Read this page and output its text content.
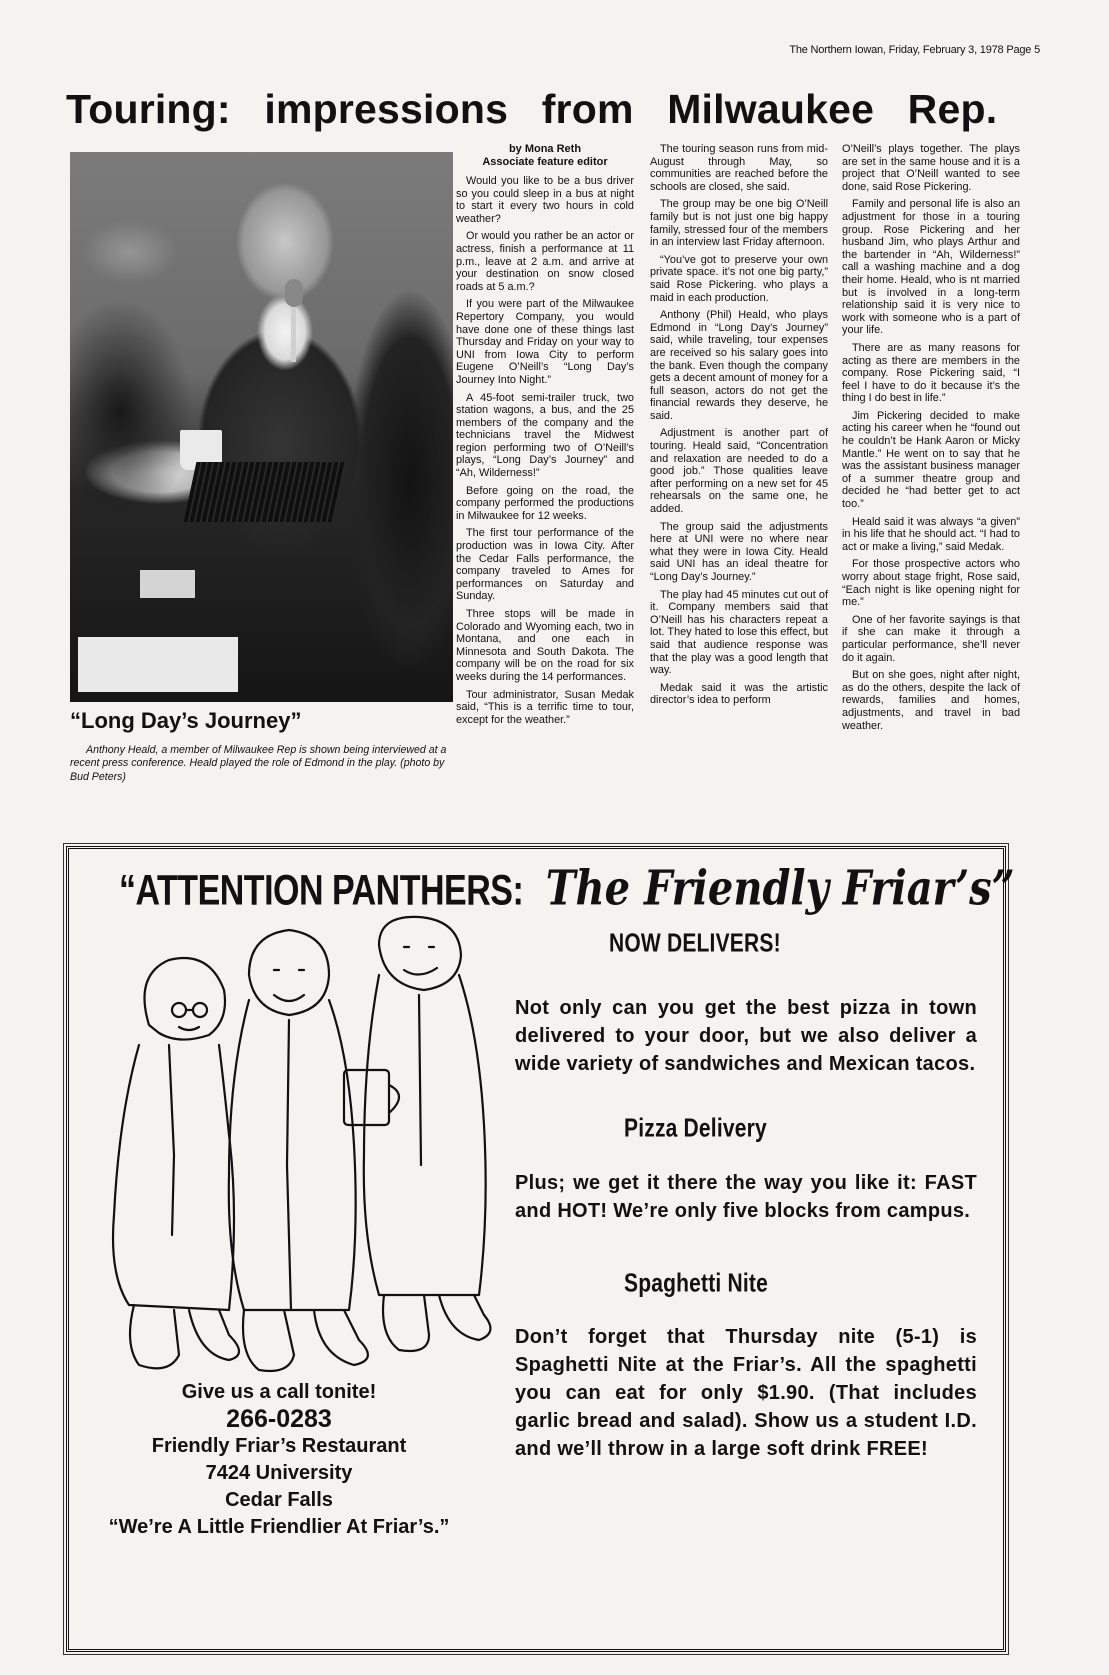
The Northern Iowan, Friday, February 3, 1978 Page 5
Touring: impressions from Milwaukee Rep.
“Long Day’s Journey”
Anthony Heald, a member of Milwaukee Rep is shown being interviewed at a recent press conference. Heald played the role of Edmond in the play. (photo by Bud Peters)
by Mona Reth
Associate feature editor

Would you like to be a bus driver so you could sleep in a bus at night to start it every two hours in cold weather?

Or would you rather be an actor or actress, finish a performance at 11 p.m., leave at 2 a.m. and arrive at your destination on snow closed roads at 5 a.m.?

If you were part of the Milwaukee Repertory Company, you would have done one of these things last Thursday and Friday on your way to UNI from Iowa City to perform Eugene O’Neill’s “Long Day’s Journey Into Night.”

A 45-foot semi-trailer truck, two station wagons, a bus, and the 25 members of the company and the technicians travel the Midwest region performing two of O’Neill’s plays, “Long Day’s Journey” and “Ah, Wilderness!”

Before going on the road, the company performed the productions in Milwaukee for 12 weeks.

The first tour performance of the production was in Iowa City. After the Cedar Falls performance, the company traveled to Ames for performances on Saturday and Sunday.

Three stops will be made in Colorado and Wyoming each, two in Montana, and one each in Minnesota and South Dakota. The company will be on the road for six weeks during the 14 performances.

Tour administrator, Susan Medak said, “This is a terrific time to tour, except for the weather.”

The touring season runs from mid-August through May, so communities are reached before the schools are closed, she said.

The group may be one big O’Neill family but is not just one big happy family, stressed four of the members in an interview last Friday afternoon.

“You’ve got to preserve your own private space. it’s not one big party,” said Rose Pickering. who plays a maid in each production.

Anthony (Phil) Heald, who plays Edmond in “Long Day’s Journey” said, while traveling, tour expenses are received so his salary goes into the bank. Even though the company gets a decent amount of money for a full season, actors do not get the financial rewards they deserve, he said.

Adjustment is another part of touring. Heald said, “Concentration and relaxation are needed to do a good job.” Those qualities leave after performing on a new set for 45 rehearsals on the same one, he added.

The group said the adjustments here at UNI were no where near what they were in Iowa City. Heald said UNI has an ideal theatre for “Long Day’s Journey.”

The play had 45 minutes cut out of it. Company members said that O’Neill has his characters repeat a lot. They hated to lose this effect, but said that audience response was that the play was a good length that way.

Medak said it was the artistic director’s idea to perform

O’Neill’s plays together. The plays are set in the same house and it is a project that O’Neill wanted to see done, said Rose Pickering.

Family and personal life is also an adjustment for those in a touring group. Rose Pickering and her husband Jim, who plays Arthur and the bartender in “Ah, Wilderness!” call a washing machine and a dog their home. Heald, who is nt married but is involved in a long-term relationship said it is very nice to work with someone who is a part of your life.

There are as many reasons for acting as there are members in the company. Rose Pickering said, “I feel I have to do it because it’s the thing I do best in life.”

Jim Pickering decided to make acting his career when he “found out he couldn’t be Hank Aaron or Micky Mantle.” He went on to say that he was the assistant business manager of a summer theatre group and decided he “had better get to act too.”

Heald said it was always “a given” in his life that he should act. “I had to act or make a living,” said Medak.

For those prospective actors who worry about stage fright, Rose said, “Each night is like opening night for me.”

One of her favorite sayings is that if she can make it through a particular performance, she’ll never do it again.

But on she goes, night after night, as do the others, despite the lack of rewards, families and homes, adjustments, and travel in bad weather.

“ATTENTION PANTHERS: The Friendly Friar’s”
NOW DELIVERS!
Not only can you get the best pizza in town delivered to your door, but we also deliver a wide variety of sandwiches and Mexican tacos.
Pizza Delivery
Plus; we get it there the way you like it: FAST and HOT! We’re only five blocks from campus.
Spaghetti Nite
Don’t forget that Thursday nite (5-1) is Spaghetti Nite at the Friar’s. All the spaghetti you can eat for only $1.90. (That includes garlic bread and salad). Show us a student I.D. and we’ll throw in a large soft drink FREE!
Give us a call tonite!
266-0283
Friendly Friar’s Restaurant
7424 University
Cedar Falls
“We’re A Little Friendlier At Friar’s.”
